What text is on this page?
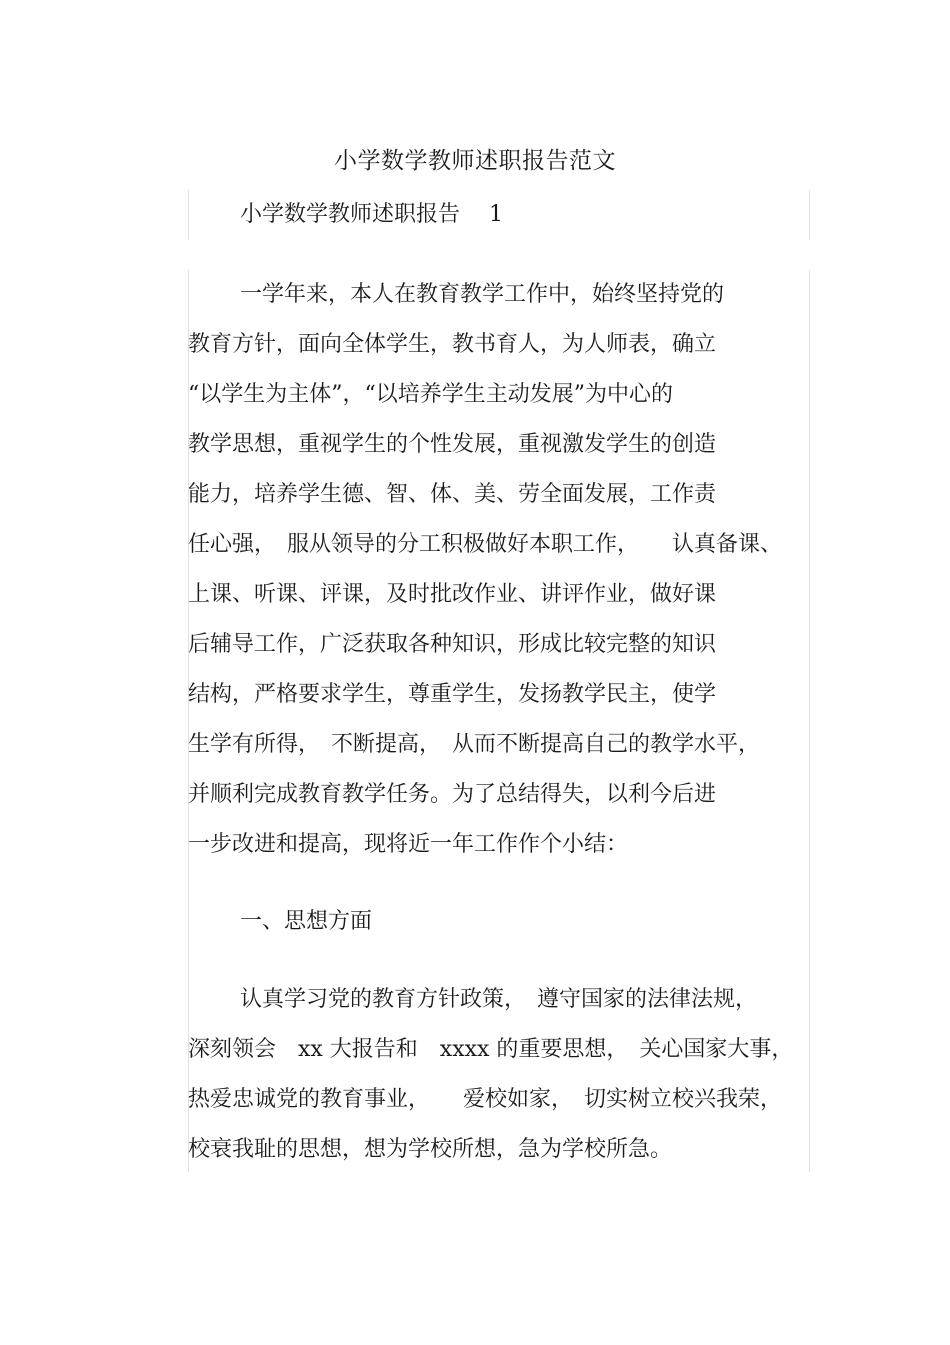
小学数学教师述职报告范文
小学数学教师述职报告　 1
一学年来，本人在教育教学工作中，始终坚持党的
教育方针，面向全体学生，教书育人，为人师表，确立
“以学生为主体”，“以培养学生主动发展”为中心的
教学思想，重视学生的个性发展，重视激发学生的创造
能力，培养学生德、智、体、美、劳全面发展，工作责
任心强，　服从领导的分工积极做好本职工作，　　认真备课、
上课、听课、评课，及时批改作业、讲评作业，做好课
后辅导工作，广泛获取各种知识，形成比较完整的知识
结构，严格要求学生，尊重学生，发扬教学民主，使学
生学有所得，　不断提高，　从而不断提高自己的教学水平，
并顺利完成教育教学任务。为了总结得失，以利今后进
一步改进和提高，现将近一年工作作个小结：
一、思想方面
认真学习党的教育方针政策，　遵守国家的法律法规，
深刻领会　xx 大报告和　xxxx 的重要思想，　关心国家大事，
热爱忠诚党的教育事业，　　爱校如家，　切实树立校兴我荣，
校衰我耻的思想，想为学校所想，急为学校所急。
